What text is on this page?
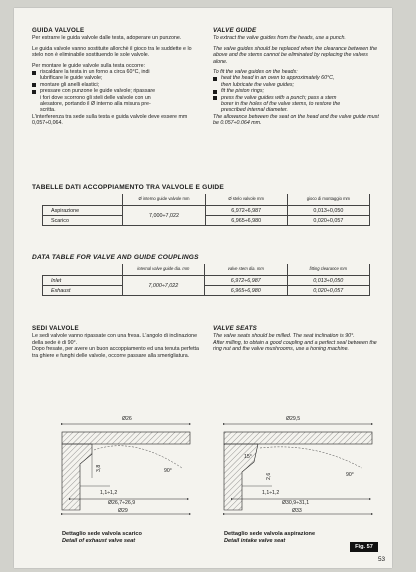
GUIDA VALVOLE

Per estrarre le guida valvole dalle testa, adoperare un punzone.

Le guida valvole vanno sostituite allorchè il gioco tra le suddette e lo stelo non è eliminabile sostituendo le sole valvole.

Per montare le guide valvole sulla testa occorre:

riscaldare la testa in un forno a circa 60°C, indi
lubrificare le guide valvole;
montare gli anelli elastici;
pressare con punzone le guide valvole; ripassare
i fori dove scorrono gli steli delle valvole con un
alesatore, portando il Ø interno alla misura pre-
scritta.

L'interferenza tra sede sulla testa e guida valvole deve essere mm 0,057÷0,064.

VALVE GUIDE

To extract the valve guides from the heads, use a punch.

The valve guides should be replaced when the clearance between the above and the stems cannot be eliminated by replacing the valves alone.

To fit the valve guides on the heads:

heat the head in an oven to approximately 60°C,
then lubricate the valve guides;
fit the piston rings;
press the valve guides with a punch; pass a stem
borer in the holes of the valve stems, to restore the
prescribed internal diameter.

The allowance between the seat on the head and the valve guide must be 0.057÷0.064 mm.

TABELLE DATI ACCOPPIAMENTO TRA VALVOLE E GUIDE
	Ø interno guide valvole mm	Ø stelo valvole mm	gioco di montaggio mm
Aspirazione	7,000÷7,022	6,972÷6,987	0,013÷0,050
Scarico		6,965÷6,980	0,020÷0,057
DATA TABLE FOR VALVE AND GUIDE COUPLINGS
	internal valve guide dia. mm	valve stem dia. mm	fitting clearance mm
Inlet	7,000÷7,022	6,972÷6,987	0,013÷0,050
Exhaust		6,965÷6,980	0,020÷0,057
SEDI VALVOLE

Le sedi valvole vanno ripassate con una fresa. L'angolo di inclinazione della sede è di 90°.

Dopo fresate, per avere un buon accoppiamento ed una tenuta perfetta tra ghiere e funghi delle valvole, occorre passare alla smerigliatura.

VALVE SEATS

The valve seats should be milled. The seat inclination is 90°.

After milling, to obtain a good coupling and a perfect seal between the ring nut and the valve mushrooms, use a honing machine.

Ø26
3,8	90°
1,1÷1,2
Ø26,7÷26,9
Ø29
Ø29,5
15°
2,6	90°
1,1÷1,2
Ø30,9÷31,1
Ø33
Dettaglio sede valvola scarico
Detail of exhaust valve seat
Dettaglio sede valvola aspirazione
Detail intake valve seat
Fig. 57
53
